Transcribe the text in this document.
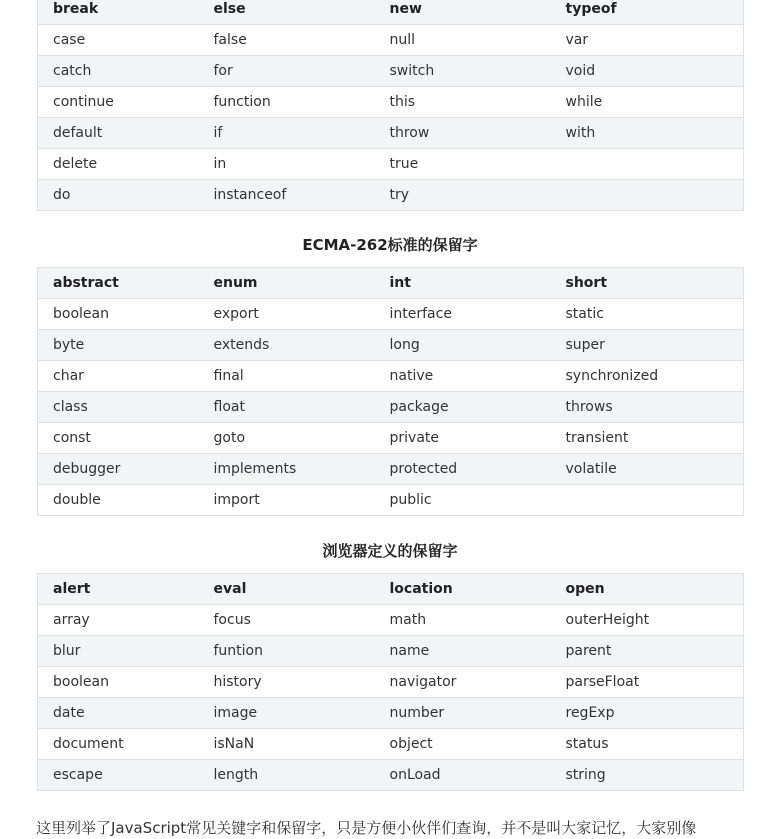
break	else	new	typeof
case	false	null	var
catch	for	switch	void
continue	function	this	while
default	if	throw	with
delete	in	true	
do	instanceof	try	
ECMA-262标准的保留字
abstract	enum	int	short
boolean	export	interface	static
byte	extends	long	super
char	final	native	synchronized
class	float	package	throws
const	goto	private	transient
debugger	implements	protected	volatile
double	import	public	
浏览器定义的保留字
alert	eval	location	open
array	focus	math	outerHeight
blur	funtion	name	parent
boolean	history	navigator	parseFloat
date	image	number	regExp
document	isNaN	object	status
escape	length	onLoad	string
这里列举了JavaScript常见关键字和保留字，只是方便小伙伴们查询，并不是叫大家记忆，大家别像
